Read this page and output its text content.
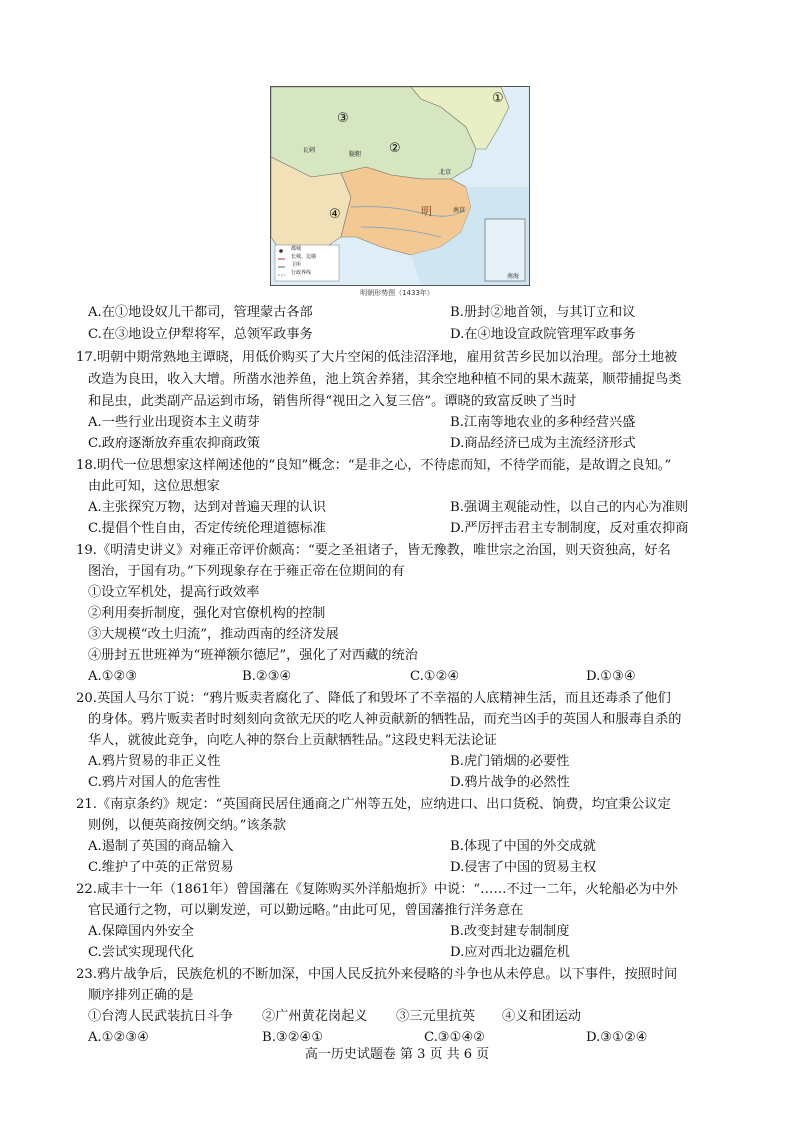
①
③
②
④	明
瓦剌
鞑靼
北京
南京
南海
都城
长城、边墙
卫所
行政界线
明朝形势图（1433年）
A.在①地设奴儿干都司，管理蒙古各部	B.册封②地首领，与其订立和议
C.在③地设立伊犁将军，总领军政事务	D.在④地设宣政院管理军政事务
17.明朝中期常熟地主谭晓，用低价购买了大片空闲的低洼沼泽地，雇用贫苦乡民加以治理。部分土地被
改造为良田，收入大增。所凿水池养鱼，池上筑舍养猪，其余空地种植不同的果木蔬菜，顺带捕捉鸟类
和昆虫，此类副产品运到市场，销售所得“视田之入复三倍”。谭晓的致富反映了当时
A.一些行业出现资本主义萌芽	B.江南等地农业的多种经营兴盛
C.政府逐渐放弃重农抑商政策	D.商品经济已成为主流经济形式
18.明代一位思想家这样阐述他的“良知”概念：“是非之心，不待虑而知，不待学而能，是故谓之良知。”
由此可知，这位思想家
A.主张探究万物，达到对普遍天理的认识	B.强调主观能动性，以自己的内心为准则
C.提倡个性自由，否定传统伦理道德标准	D.严厉抨击君主专制制度，反对重农抑商
19.《明清史讲义》对雍正帝评价颇高：“要之圣祖诸子，皆无豫教，唯世宗之治国，则天资独高，好名
图治，于国有功。”下列现象存在于雍正帝在位期间的有
①设立军机处，提高行政效率
②利用奏折制度，强化对官僚机构的控制
③大规模“改土归流”，推动西南的经济发展
④册封五世班禅为“班禅额尔德尼”，强化了对西藏的统治
A.①②③	B.②③④	C.①②④	D.①③④
20.英国人马尔丁说：“鸦片贩卖者腐化了、降低了和毁坏了不幸福的人底精神生活，而且还毒杀了他们
的身体。鸦片贩卖者时时刻刻向贪欲无厌的吃人神贡献新的牺牲品，而充当凶手的英国人和服毒自杀的
华人，就彼此竞争，向吃人神的祭台上贡献牺牲品。”这段史料无法论证
A.鸦片贸易的非正义性	B.虎门销烟的必要性
C.鸦片对国人的危害性	D.鸦片战争的必然性
21.《南京条约》规定：“英国商民居住通商之广州等五处，应纳进口、出口货税、饷费，均宜秉公议定
则例，以便英商按例交纳。”该条款
A.遏制了英国的商品输入	B.体现了中国的外交成就
C.维护了中英的正常贸易	D.侵害了中国的贸易主权
22.咸丰十一年（1861年）曾国藩在《复陈购买外洋船炮折》中说：“……不过一二年，火轮船必为中外
官民通行之物，可以剿发逆，可以勤远略。”由此可见，曾国藩推行洋务意在
A.保障国内外安全	B.改变封建专制制度
C.尝试实现现代化	D.应对西北边疆危机
23.鸦片战争后，民族危机的不断加深，中国人民反抗外来侵略的斗争也从未停息。以下事件，按照时间
顺序排列正确的是
①台湾人民武装抗日斗争 ②广州黄花岗起义 ③三元里抗英 ④义和团运动
A.①②③④	B.③②④①	C.③①④②	D.③①②④
高一历史试题卷 第 3 页 共 6 页
